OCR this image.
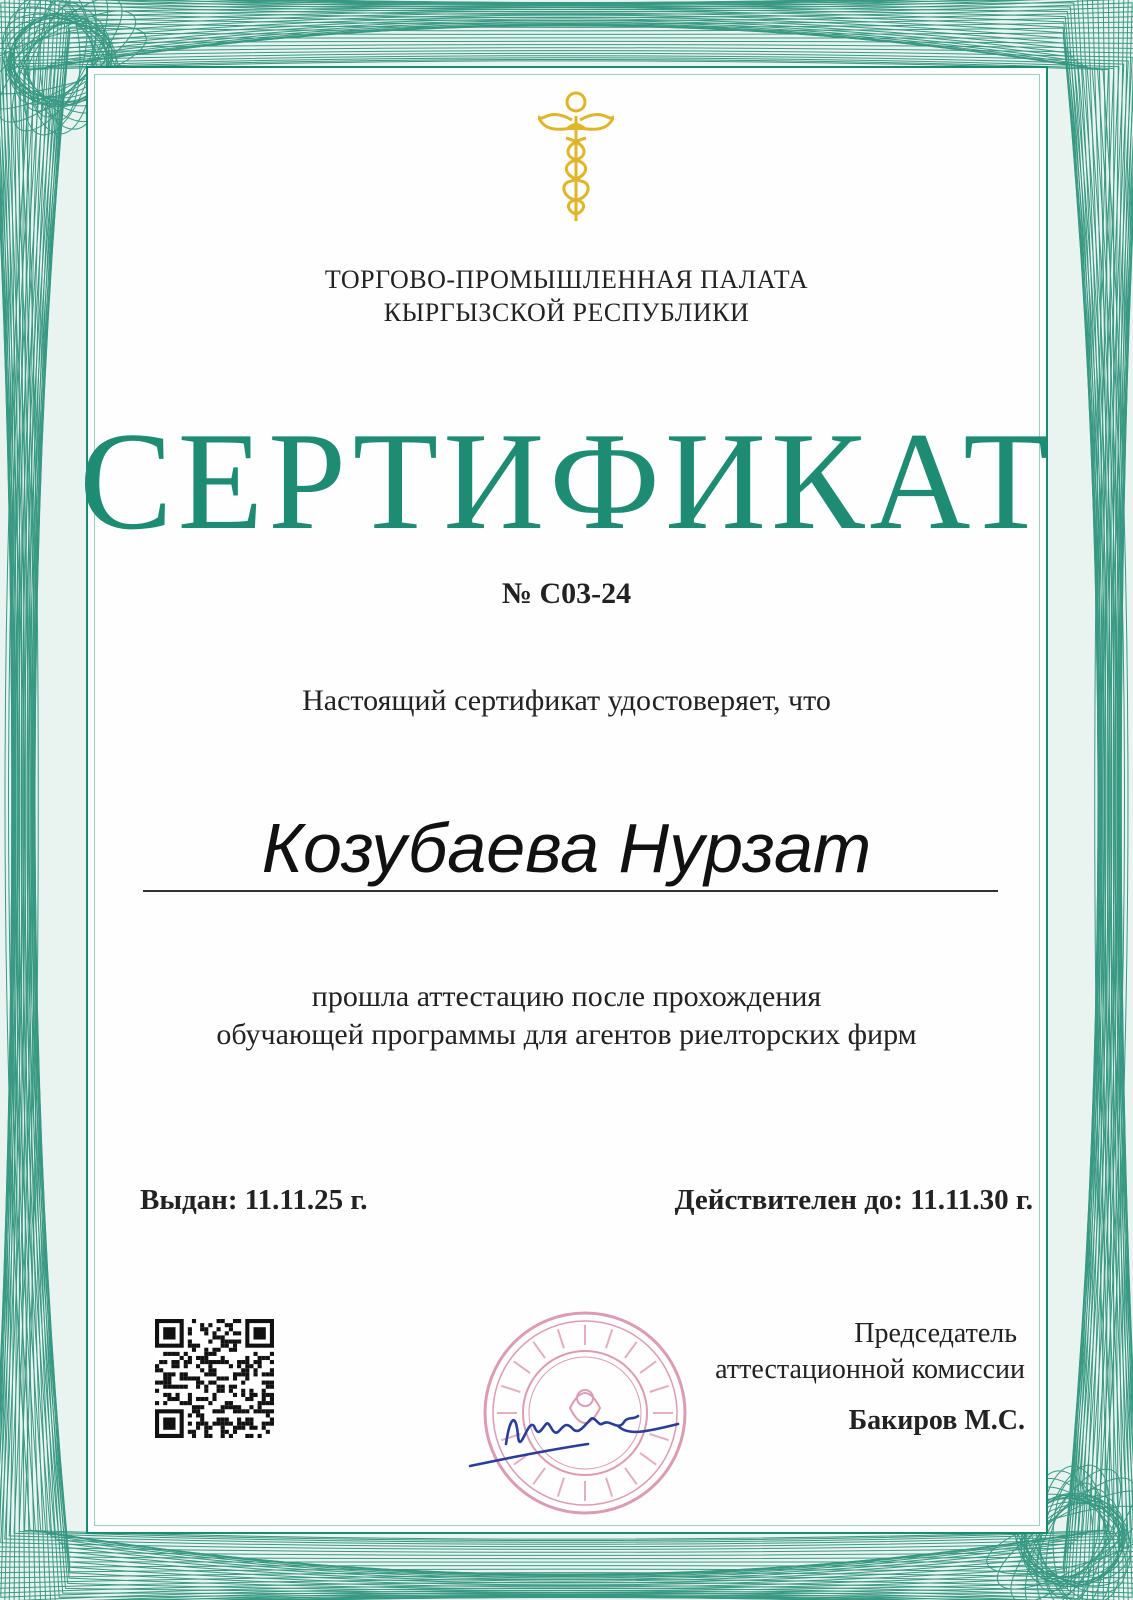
ТОРГОВО-ПРОМЫШЛЕННАЯ ПАЛАТА
КЫРГЫЗСКОЙ РЕСПУБЛИКИ
СЕРТИФИКАТ
№ С03-24
Настоящий сертификат удостоверяет, что
Козубаева Нурзат
прошла аттестацию после прохождения
обучающей программы для агентов риелторских фирм
Выдан: 11.11.25 г.	Действителен до: 11.11.30 г.
Председатель
аттестационной комиссии
Бакиров М.С.
